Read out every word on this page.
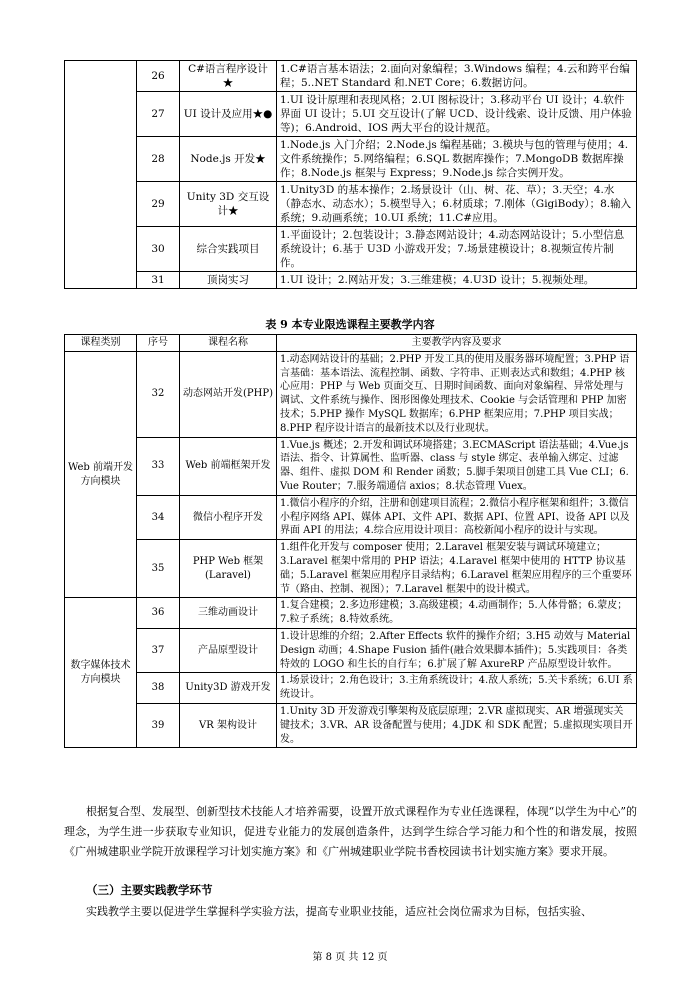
	26	C#语言程序设计★	1.C#语言基本语法；2.面向对象编程；3.Windows 编程；4.云和跨平台编程；5..NET Standard 和.NET Core；6.数据访问。
	27	UI 设计及应用★●	1.UI 设计原理和表现风格；2.UI 图标设计；3.移动平台 UI 设计；4.软件界面 UI 设计；5.UI 交互设计(了解 UCD、设计线索、设计反馈、用户体验等)；6.Android、IOS 两大平台的设计规范。
	28	Node.js 开发★	1.Node.js 入门介绍；2.Node.js 编程基础；3.模块与包的管理与使用；4.文件系统操作；5.网络编程；6.SQL 数据库操作；7.MongoDB 数据库操作；8.Node.js 框架与 Express；9.Node.js 综合实例开发。
	29	Unity 3D 交互设计★	1.Unity3D 的基本操作；2.场景设计（山、树、花、草）；3.天空；4.水（静态水、动态水）；5.模型导入；6.材质球；7.刚体（GigiBody）；8.输入系统；9.动画系统；10.UI 系统；11.C#应用。
	30	综合实践项目	1.平面设计；2.包装设计；3.静态网站设计；4.动态网站设计；5.小型信息系统设计；6.基于 U3D 小游戏开发；7.场景建模设计；8.视频宣传片制作。
	31	顶岗实习	1.UI 设计；2.网站开发；3.三维建模；4.U3D 设计；5.视频处理。
表 9 本专业限选课程主要教学内容
课程类别	序号	课程名称	主要教学内容及要求
Web 前端开发方向模块	32	动态网站开发(PHP)	1.动态网站设计的基础；2.PHP 开发工具的使用及服务器环境配置；3.PHP 语言基础：基本语法、流程控制、函数、字符串、正则表达式和数组；4.PHP 核心应用：PHP 与 Web 页面交互、日期时间函数、面向对象编程、异常处理与调试、文件系统与操作、图形图像处理技术、Cookie 与会话管理和 PHP 加密技术；5.PHP 操作 MySQL 数据库；6.PHP 框架应用；7.PHP 项目实战；8.PHP 程序设计语言的最新技术以及行业现状。
	33	Web 前端框架开发	1.Vue.js 概述；2.开发和调试环境搭建；3.ECMAScript 语法基础；4.Vue.js 语法、指令、计算属性、监听器、class 与 style 绑定、表单输入绑定、过滤器、组件、虚拟 DOM 和 Render 函数；5.脚手架项目创建工具 Vue CLI；6. Vue Router；7.服务端通信 axios；8.状态管理 Vuex。
	34	微信小程序开发	1.微信小程序的介绍，注册和创建项目流程；2.微信小程序框架和组件；3.微信小程序网络 API、媒体 API、文件 API、数据 API、位置 API、设备 API 以及界面 API 的用法；4.综合应用设计项目：高校新闻小程序的设计与实现。
	35	PHP Web 框架(Laravel)	1.组件化开发与 composer 使用；2.Laravel 框架安装与调试环境建立；3.Laravel 框架中常用的 PHP 语法；4.Laravel 框架中使用的 HTTP 协议基础；5.Laravel 框架应用程序目录结构；6.Laravel 框架应用程序的三个重要环节（路由、控制、视图）；7.Laravel 框架中的设计模式。
数字媒体技术方向模块	36	三维动画设计	1.复合建模；2.多边形建模；3.高级建模；4.动画制作；5.人体骨骼；6.蒙皮；7.粒子系统；8.特效系统。
	37	产品原型设计	1.设计思维的介绍；2.After Effects 软件的操作介绍；3.H5 动效与 Material Design 动画；4.Shape Fusion 插件(融合效果脚本插件)；5.实践项目：各类特效的 LOGO 和生长的自行车；6.扩展了解 AxureRP 产品原型设计软件。
	38	Unity3D 游戏开发	1.场景设计；2.角色设计；3.主角系统设计；4.敌人系统；5.关卡系统；6.UI 系统设计。
	39	VR 架构设计	1.Unity 3D 开发游戏引擎架构及底层原理；2.VR 虚拟现实、AR 增强现实关键技术；3.VR、AR 设备配置与使用；4.JDK 和 SDK 配置；5.虚拟现实项目开发。
根据复合型、发展型、创新型技术技能人才培养需要，设置开放式课程作为专业任选课程，体现“以学生为中心”的理念，为学生进一步获取专业知识，促进专业能力的发展创造条件，达到学生综合学习能力和个性的和谐发展，按照《广州城建职业学院开放课程学习计划实施方案》和《广州城建职业学院书香校园读书计划实施方案》要求开展。
（三）主要实践教学环节
实践教学主要以促进学生掌握科学实验方法，提高专业职业技能，适应社会岗位需求为目标，包括实验、
第 8 页 共 12 页
